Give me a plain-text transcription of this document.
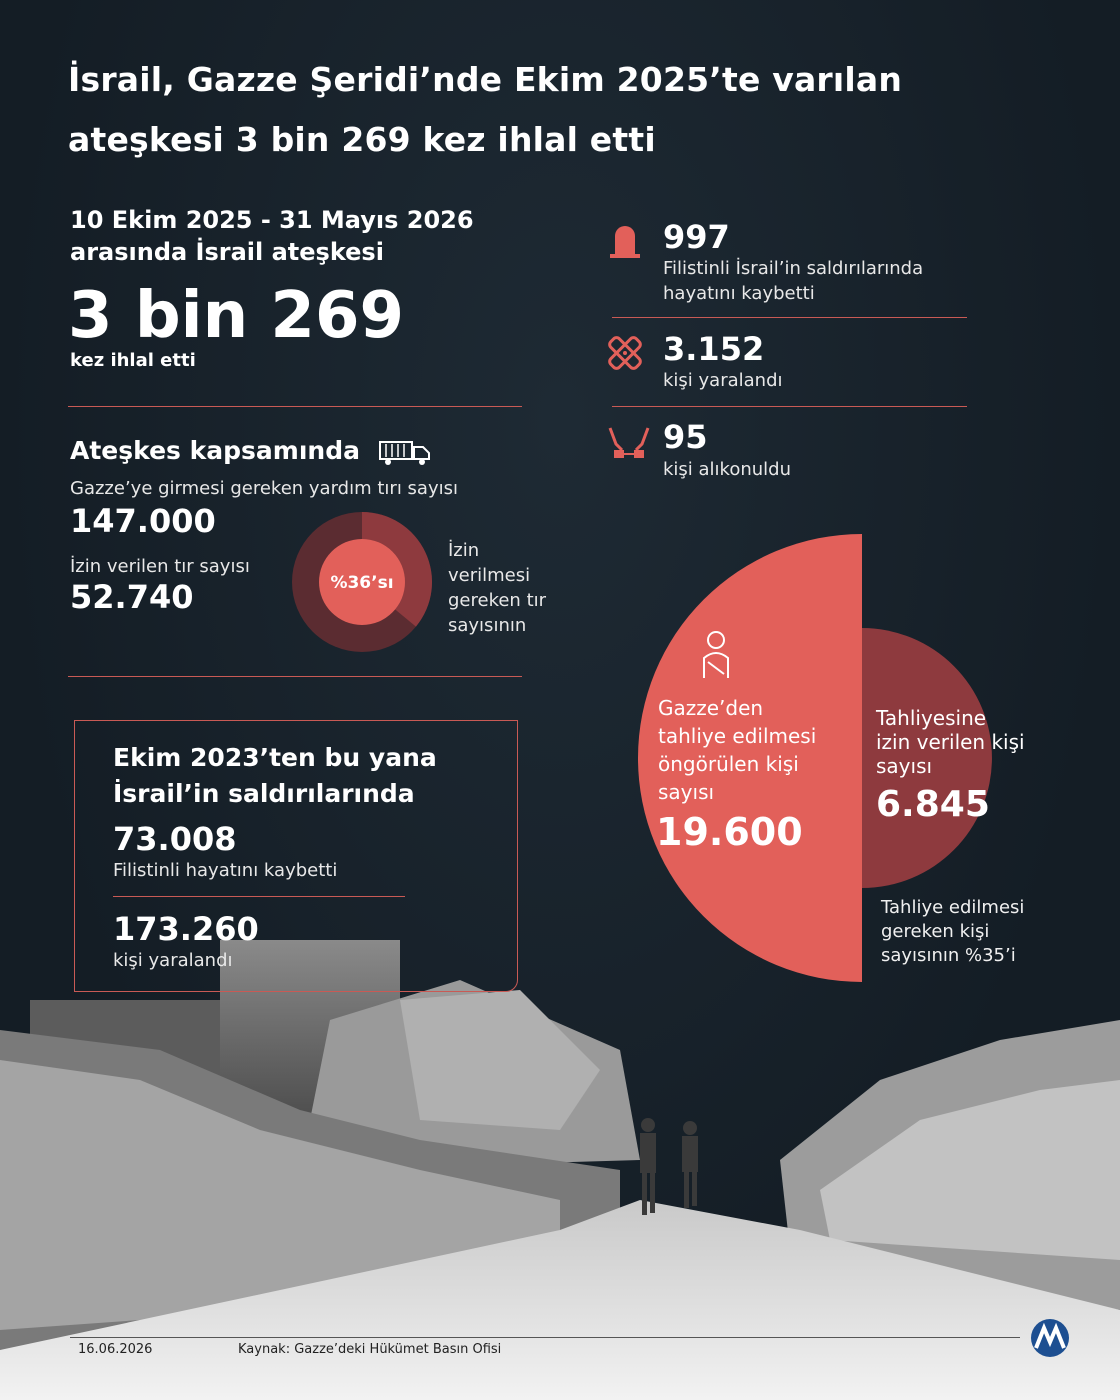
İsrail, Gazze Şeridi’nde Ekim 2025’te varılan
ateşkesi 3 bin 269 kez ihlal etti
10 Ekim 2025 - 31 Mayıs 2026
arasında İsrail ateşkesi
3 bin 269
kez ihlal etti
Ateşkes kapsamında
Gazze’ye girmesi gereken yardım tırı sayısı
147.000
İzin verilen tır sayısı
52.740	%36’sı
İzin
verilmesi
gereken tır
sayısının
Ekim 2023’ten bu yana
İsrail’in saldırılarında
73.008
Filistinli hayatını kaybetti
173.260
kişi yaralandı
997
Filistinli İsrail’in saldırılarında
hayatını kaybetti
3.152
kişi yaralandı
95
kişi alıkonuldu
Gazze’den
tahliye edilmesi
öngörülen kişi
sayısı
19.600
Tahliyesine
izin verilen kişi
sayısı
6.845
Tahliye edilmesi
gereken kişi
sayısının %35’i
16.06.2026	Kaynak: Gazze’deki Hükümet Basın Ofisi
